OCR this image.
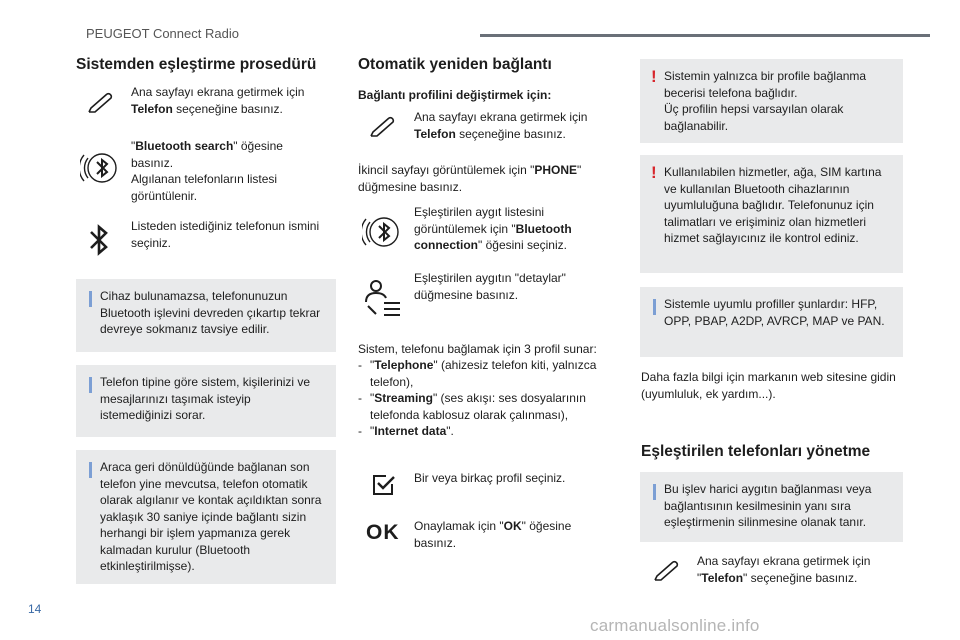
PEUGEOT Connect Radio
Sistemden eşleştirme prosedürü
Ana sayfayı ekrana getirmek için Telefon seçeneğine basınız.
"Bluetooth search" öğesine basınız.
Algılanan telefonların listesi görüntülenir.
Listeden istediğiniz telefonun ismini seçiniz.
Cihaz bulunamazsa, telefonunuzun Bluetooth işlevini devreden çıkartıp tekrar devreye sokmanız tavsiye edilir.
Telefon tipine göre sistem, kişilerinizi ve mesajlarınızı taşımak isteyip istemediğinizi sorar.
Araca geri dönüldüğünde bağlanan son telefon yine mevcutsa, telefon otomatik olarak algılanır ve kontak açıldıktan sonra yaklaşık 30 saniye içinde bağlantı sizin herhangi bir işlem yapmanıza gerek kalmadan kurulur (Bluetooth etkinleştirilmişse).
Otomatik yeniden bağlantı
Bağlantı profilini değiştirmek için:
Ana sayfayı ekrana getirmek için Telefon seçeneğine basınız.
İkincil sayfayı görüntülemek için "PHONE" düğmesine basınız.
Eşleştirilen aygıt listesini görüntülemek için "Bluetooth connection" öğesini seçiniz.
Eşleştirilen aygıtın "detaylar" düğmesine basınız.
Sistem, telefonu bağlamak için 3 profil sunar:
- "Telephone" (ahizesiz telefon kiti, yalnızca telefon),
- "Streaming" (ses akışı: ses dosyalarının telefonda kablosuz olarak çalınması),
- "Internet data".
Bir veya birkaç profil seçiniz.
OK Onaylamak için "OK" öğesine basınız.
! Sistemin yalnızca bir profile bağlanma becerisi telefona bağlıdır.
Üç profilin hepsi varsayılan olarak bağlanabilir.
! Kullanılabilen hizmetler, ağa, SIM kartına ve kullanılan Bluetooth cihazlarının uyumluluğuna bağlıdır. Telefonunuz için talimatları ve erişiminiz olan hizmetleri hizmet sağlayıcınız ile kontrol ediniz.
Sistemle uyumlu profiller şunlardır: HFP, OPP, PBAP, A2DP, AVRCP, MAP ve PAN.
Daha fazla bilgi için markanın web sitesine gidin (uyumluluk, ek yardım...).
Eşleştirilen telefonları yönetme
Bu işlev harici aygıtın bağlanması veya bağlantısının kesilmesinin yanı sıra eşleştirmenin silinmesine olanak tanır.
Ana sayfayı ekrana getirmek için "Telefon" seçeneğine basınız.
14
carmanualsonline.info
